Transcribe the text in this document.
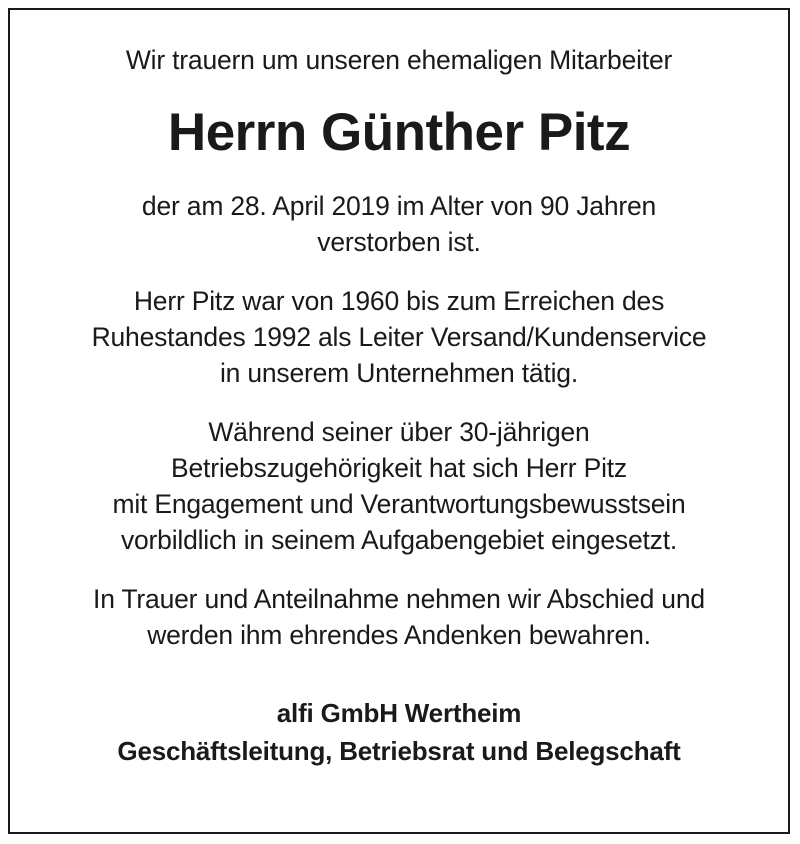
Wir trauern um unseren ehemaligen Mitarbeiter
Herrn Günther Pitz
der am 28. April 2019 im Alter von 90 Jahren
verstorben ist.
Herr Pitz war von 1960 bis zum Erreichen des
Ruhestandes 1992 als Leiter Versand/Kundenservice
in unserem Unternehmen tätig.
Während seiner über 30-jährigen
Betriebszugehörigkeit hat sich Herr Pitz
mit Engagement und Verantwortungsbewusstsein
vorbildlich in seinem Aufgabengebiet eingesetzt.
In Trauer und Anteilnahme nehmen wir Abschied und
werden ihm ehrendes Andenken bewahren.
alfi GmbH Wertheim
Geschäftsleitung, Betriebsrat und Belegschaft
